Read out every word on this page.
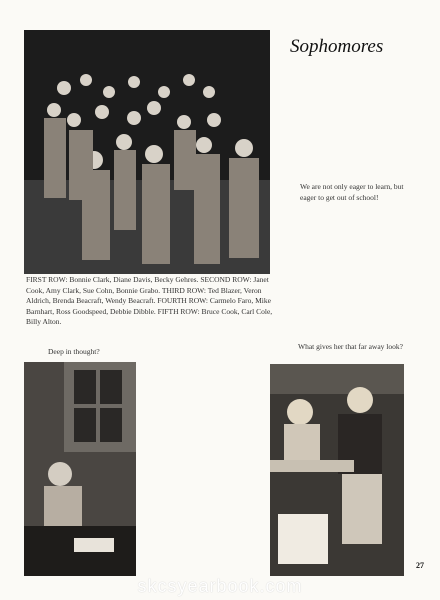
Sophomores
We are not only eager to learn, but eager to get out of school!
FIRST ROW: Bonnie Clark, Diane Davis, Becky Gehres. SECOND ROW: Janet Cook, Amy Clark, Sue Cohn, Bonnie Grabo. THIRD ROW: Ted Blazer, Veron Aldrich, Brenda Beacraft, Wendy Beacraft. FOURTH ROW: Carmelo Faro, Mike Barnhart, Ross Goodspeed, Debbie Dibble. FIFTH ROW: Bruce Cook, Carl Cole, Billy Alton.
Deep in thought?
What gives her that far away look?
27
skcsyearbook.com
